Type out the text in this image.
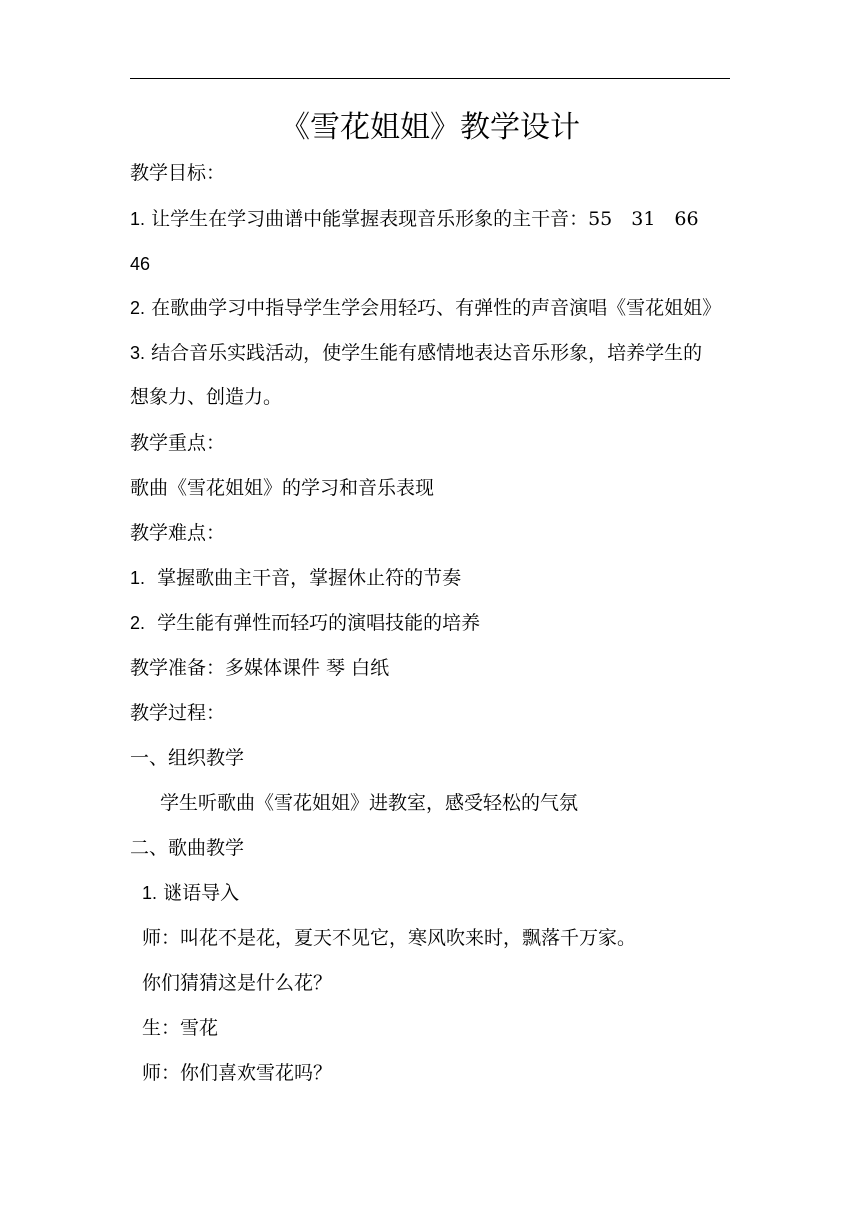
《雪花姐姐》教学设计
教学目标：
1. 让学生在学习曲谱中能掌握表现音乐形象的主干音：55　31　66
46
2. 在歌曲学习中指导学生学会用轻巧、有弹性的声音演唱《雪花姐姐》
3. 结合音乐实践活动，使学生能有感情地表达音乐形象，培养学生的
想象力、创造力。
教学重点：
歌曲《雪花姐姐》的学习和音乐表现
教学难点：
1. 掌握歌曲主干音，掌握休止符的节奏
2. 学生能有弹性而轻巧的演唱技能的培养
教学准备：多媒体课件 琴 白纸
教学过程：
一、组织教学
学生听歌曲《雪花姐姐》进教室，感受轻松的气氛
二、歌曲教学
1. 谜语导入
师：叫花不是花，夏天不见它，寒风吹来时，飘落千万家。
你们猜猜这是什么花？
生：雪花
师：你们喜欢雪花吗？
